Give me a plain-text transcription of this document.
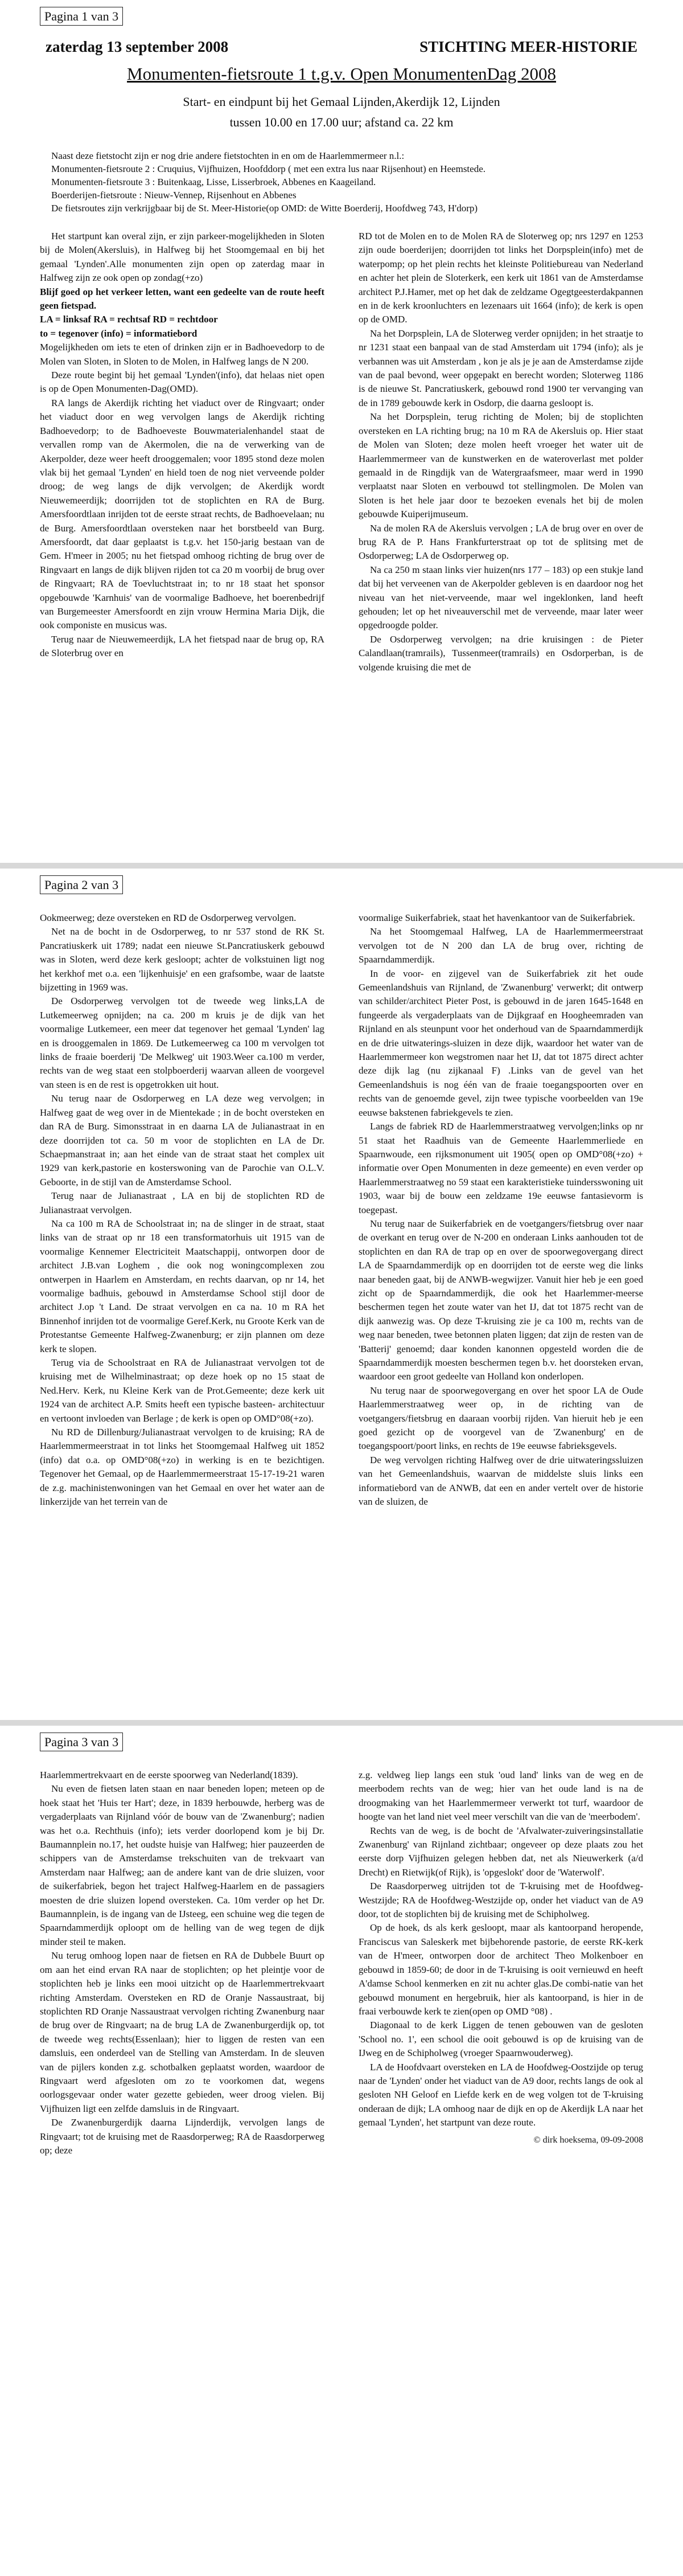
Pagina 1 van 3
zaterdag 13 september 2008	STICHTING MEER-HISTORIE
Monumenten-fietsroute 1 t.g.v. Open MonumentenDag 2008
Start- en eindpunt bij het Gemaal Lijnden,Akerdijk 12, Lijnden
tussen 10.00 en 17.00 uur; afstand ca. 22 km
Naast deze fietstocht zijn er nog drie andere fietstochten in en om de Haarlemmermeer n.l.:
Monumenten-fietsroute 2 : Cruquius, Vijfhuizen, Hoofddorp ( met een extra lus naar Rijsenhout) en Heemstede.
Monumenten-fietsroute 3 : Buitenkaag, Lisse, Lisserbroek, Abbenes en Kaageiland.
Boerderijen-fietsroute : Nieuw-Vennep, Rijsenhout en Abbenes
De fietsroutes zijn verkrijgbaar bij de St. Meer-Historie(op OMD: de Witte Boerderij, Hoofdweg 743, H'dorp)

Het startpunt kan overal zijn, er zijn parkeer-mogelijkheden in Sloten bij de Molen(Akersluis), in Halfweg bij het Stoomgemaal en bij het gemaal 'Lynden'.Alle monumenten zijn open op zaterdag maar in Halfweg zijn ze ook open op zondag(+zo)

Blijf goed op het verkeer letten, want een gedeelte van de route heeft geen fietspad.

LA = linksaf RA = rechtsaf RD = rechtdoor

to = tegenover (info) = informatiebord

Mogelijkheden om iets te eten of drinken zijn er in Badhoevedorp to de Molen van Sloten, in Sloten to de Molen, in Halfweg langs de N 200.

Deze route begint bij het gemaal 'Lynden'(info), dat helaas niet open is op de Open Monumenten-Dag(OMD).

RA langs de Akerdijk richting het viaduct over de Ringvaart; onder het viaduct door en weg vervolgen langs de Akerdijk richting Badhoevedorp; to de Badhoeveste Bouwmaterialenhandel staat de vervallen romp van de Akermolen, die na de verwerking van de Akerpolder, deze weer heeft drooggemalen; voor 1895 stond deze molen vlak bij het gemaal 'Lynden' en hield toen de nog niet verveende polder droog; de weg langs de dijk vervolgen; de Akerdijk wordt Nieuwemeerdijk; doorrijden tot de stoplichten en RA de Burg. Amersfoordtlaan inrijden tot de eerste straat rechts, de Badhoevelaan; nu de Burg. Amersfoordtlaan oversteken naar het borstbeeld van Burg. Amersfoordt, dat daar geplaatst is t.g.v. het 150-jarig bestaan van de Gem. H'meer in 2005; nu het fietspad omhoog richting de brug over de Ringvaart en langs de dijk blijven rijden tot ca 20 m voorbij de brug over de Ringvaart; RA de Toevluchtstraat in; to nr 18 staat het sponsor opgebouwde 'Karnhuis' van de voormalige Badhoeve, het boerenbedrijf van Burgemeester Amersfoordt en zijn vrouw Hermina Maria Dijk, die ook componiste en musicus was.

Terug naar de Nieuwemeerdijk, LA het fietspad naar de brug op, RA de Sloterbrug over en

RD tot de Molen en to de Molen RA de Sloterweg op; nrs 1297 en 1253 zijn oude boerderijen; doorrijden tot links het Dorpsplein(info) met de waterpomp; op het plein rechts het kleinste Politiebureau van Nederland en achter het plein de Sloterkerk, een kerk uit 1861 van de Amsterdamse architect P.J.Hamer, met op het dak de zeldzame Ogegtgeesterdakpannen en in de kerk kroonluchters en lezenaars uit 1664 (info); de kerk is open op de OMD.

Na het Dorpsplein, LA de Sloterweg verder opnijden; in het straatje to nr 1231 staat een banpaal van de stad Amsterdam uit 1794 (info); als je verbannen was uit Amsterdam , kon je als je je aan de Amsterdamse zijde van de paal bevond, weer opgepakt en berecht worden; Sloterweg 1186 is de nieuwe St. Pancratiuskerk, gebouwd rond 1900 ter vervanging van de in 1789 gebouwde kerk in Osdorp, die daarna gesloopt is.

Na het Dorpsplein, terug richting de Molen; bij de stoplichten oversteken en LA richting brug; na 10 m RA de Akersluis op. Hier staat de Molen van Sloten; deze molen heeft vroeger het water uit de Haarlemmermeer van de kunstwerken en de wateroverlast met polder gemaald in de Ringdijk van de Watergraafsmeer, maar werd in 1990 verplaatst naar Sloten en verbouwd tot stellingmolen. De Molen van Sloten is het hele jaar door te bezoeken evenals het bij de molen gebouwde Kuiperijmuseum.

Na de molen RA de Akersluis vervolgen ; LA de brug over en over de brug RA de P. Hans Frankfurterstraat op tot de splitsing met de Osdorperweg; LA de Osdorperweg op.

Na ca 250 m staan links vier huizen(nrs 177 – 183) op een stukje land dat bij het verveenen van de Akerpolder gebleven is en daardoor nog het niveau van het niet-verveende, maar wel ingeklonken, land heeft gehouden; let op het niveauverschil met de verveende, maar later weer opgedroogde polder.

De Osdorperweg vervolgen; na drie kruisingen : de Pieter Calandlaan(tramrails), Tussenmeer(tramrails) en Osdorperban, is de volgende kruising die met de

Pagina 2 van 3

Ookmeerweg; deze oversteken en RD de Osdorperweg vervolgen.

Net na de bocht in de Osdorperweg, to nr 537 stond de RK St. Pancratiuskerk uit 1789; nadat een nieuwe St.Pancratiuskerk gebouwd was in Sloten, werd deze kerk gesloopt; achter de volkstuinen ligt nog het kerkhof met o.a. een 'lijkenhuisje' en een grafsombe, waar de laatste bijzetting in 1969 was.

De Osdorperweg vervolgen tot de tweede weg links,LA de Lutkemeerweg opnijden; na ca. 200 m kruis je de dijk van het voormalige Lutkemeer, een meer dat tegenover het gemaal 'Lynden' lag en is drooggemalen in 1869. De Lutkemeerweg ca 100 m vervolgen tot links de fraaie boerderij 'De Melkweg' uit 1903.Weer ca.100 m verder, rechts van de weg staat een stolpboerderij waarvan alleen de voorgevel van steen is en de rest is opgetrokken uit hout.

Nu terug naar de Osdorperweg en LA deze weg vervolgen; in Halfweg gaat de weg over in de Mientekade ; in de bocht oversteken en dan RA de Burg. Simonsstraat in en daarna LA de Julianastraat in en deze doorrijden tot ca. 50 m voor de stoplichten en LA de Dr. Schaepmanstraat in; aan het einde van de straat staat het complex uit 1929 van kerk,pastorie en kosterswoning van de Parochie van O.L.V. Geboorte, in de stijl van de Amsterdamse School.

Terug naar de Julianastraat , LA en bij de stoplichten RD de Julianastraat vervolgen.

Na ca 100 m RA de Schoolstraat in; na de slinger in de straat, staat links van de straat op nr 18 een transformatorhuis uit 1915 van de voormalige Kennemer Electriciteit Maatschappij, ontworpen door de architect J.B.van Loghem , die ook nog woningcomplexen zou ontwerpen in Haarlem en Amsterdam, en rechts daarvan, op nr 14, het voormalige badhuis, gebouwd in Amsterdamse School stijl door de architect J.op 't Land. De straat vervolgen en ca na. 10 m RA het Binnenhof inrijden tot de voormalige Geref.Kerk, nu Groote Kerk van de Protestantse Gemeente Halfweg-Zwanenburg; er zijn plannen om deze kerk te slopen.

Terug via de Schoolstraat en RA de Julianastraat vervolgen tot de kruising met de Wilhelminastraat; op deze hoek op no 15 staat de Ned.Herv. Kerk, nu Kleine Kerk van de Prot.Gemeente; deze kerk uit 1924 van de architect A.P. Smits heeft een typische basteen- architectuur en vertoont invloeden van Berlage ; de kerk is open op OMD°08(+zo).

Nu RD de Dillenburg/Julianastraat vervolgen to de kruising; RA de Haarlemmermeerstraat in tot links het Stoomgemaal Halfweg uit 1852 (info) dat o.a. op OMD°08(+zo) in werking is en te bezichtigen. Tegenover het Gemaal, op de Haarlemmermeerstraat 15-17-19-21 waren de z.g. machinistenwoningen van het Gemaal en over het water aan de linkerzijde van het terrein van de

voormalige Suikerfabriek, staat het havenkantoor van de Suikerfabriek.

Na het Stoomgemaal Halfweg, LA de Haarlemmermeerstraat vervolgen tot de N 200 dan LA de brug over, richting de Spaarndammerdijk.

In de voor- en zijgevel van de Suikerfabriek zit het oude Gemeenlandshuis van Rijnland, de 'Zwanenburg' verwerkt; dit ontwerp van schilder/architect Pieter Post, is gebouwd in de jaren 1645-1648 en fungeerde als vergaderplaats van de Dijkgraaf en Hoogheemraden van Rijnland en als steunpunt voor het onderhoud van de Spaarndammerdijk en de drie uitwaterings-sluizen in deze dijk, waardoor het water van de Haarlemmermeer kon wegstromen naar het IJ, dat tot 1875 direct achter deze dijk lag (nu zijkanaal F) .Links van de gevel van het Gemeenlandshuis is nog één van de fraaie toegangspoorten over en rechts van de genoemde gevel, zijn twee typische voorbeelden van 19e eeuwse bakstenen fabriekgevels te zien.

Langs de fabriek RD de Haarlemmerstraatweg vervolgen;links op nr 51 staat het Raadhuis van de Gemeente Haarlemmerliede en Spaarnwoude, een rijksmonument uit 1905( open op OMD°08(+zo) + informatie over Open Monumenten in deze gemeente) en even verder op Haarlemmerstraatweg no 59 staat een karakteristieke tuindersswoning uit 1903, waar bij de bouw een zeldzame 19e eeuwse fantasievorm is toegepast.

Nu terug naar de Suikerfabriek en de voetgangers/fietsbrug over naar de overkant en terug over de N-200 en onderaan Links aanhouden tot de stoplichten en dan RA de trap op en over de spoorwegovergang direct LA de Spaarndammerdijk op en doorrijden tot de eerste weg die links naar beneden gaat, bij de ANWB-wegwijzer. Vanuit hier heb je een goed zicht op de Spaarndammerdijk, die ook het Haarlemmer-meerse beschermen tegen het zoute water van het IJ, dat tot 1875 recht van de dijk aanwezig was. Op deze T-kruising zie je ca 100 m, rechts van de weg naar beneden, twee betonnen platen liggen; dat zijn de resten van de 'Batterij' genoemd; daar konden kanonnen opgesteld worden die de Spaarndammerdijk moesten beschermen tegen b.v. het doorsteken ervan, waardoor een groot gedeelte van Holland kon onderlopen.

Nu terug naar de spoorwegovergang en over het spoor LA de Oude Haarlemmerstraatweg weer op, in de richting van de voetgangers/fietsbrug en daaraan voorbij rijden. Van hieruit heb je een goed gezicht op de voorgevel van de 'Zwanenburg' en de toegangspoort/poort links, en rechts de 19e eeuwse fabrieksgevels.

De weg vervolgen richting Halfweg over de drie uitwateringssluizen van het Gemeenlandshuis, waarvan de middelste sluis links een informatiebord van de ANWB, dat een en ander vertelt over de historie van de sluizen, de

Pagina 3 van 3

Haarlemmertrekvaart en de eerste spoorweg van Nederland(1839).

Nu even de fietsen laten staan en naar beneden lopen; meteen op de hoek staat het 'Huis ter Hart'; deze, in 1839 herbouwde, herberg was de vergaderplaats van Rijnland vóór de bouw van de 'Zwanenburg'; nadien was het o.a. Rechthuis (info); iets verder doorlopend kom je bij Dr. Baumannplein no.17, het oudste huisje van Halfweg; hier pauzeerden de schippers van de Amsterdamse trekschuiten van de trekvaart van Amsterdam naar Halfweg; aan de andere kant van de drie sluizen, voor de suikerfabriek, begon het traject Halfweg-Haarlem en de passagiers moesten de drie sluizen lopend oversteken. Ca. 10m verder op het Dr. Baumannplein, is de ingang van de IJsteeg, een schuine weg die tegen de Spaarndammerdijk oploopt om de helling van de weg tegen de dijk minder steil te maken.

Nu terug omhoog lopen naar de fietsen en RA de Dubbele Buurt op om aan het eind ervan RA naar de stoplichten; op het pleintje voor de stoplichten heb je links een mooi uitzicht op de Haarlemmertrekvaart richting Amsterdam. Oversteken en RD de Oranje Nassaustraat, bij stoplichten RD Oranje Nassaustraat vervolgen richting Zwanenburg naar de brug over de Ringvaart; na de brug LA de Zwanenburgerdijk op, tot de tweede weg rechts(Essenlaan); hier to liggen de resten van een damsluis, een onderdeel van de Stelling van Amsterdam. In de sleuven van de pijlers konden z.g. schotbalken geplaatst worden, waardoor de Ringvaart werd afgesloten om zo te voorkomen dat, wegens oorlogsgevaar onder water gezette gebieden, weer droog vielen. Bij Vijfhuizen ligt een zelfde damsluis in de Ringvaart.

De Zwanenburgerdijk daarna Lijnderdijk, vervolgen langs de Ringvaart; tot de kruising met de Raasdorperweg; RA de Raasdorperweg op; deze

z.g. veldweg liep langs een stuk 'oud land' links van de weg en de meerbodem rechts van de weg; hier van het oude land is na de droogmaking van het Haarlemmermeer verwerkt tot turf, waardoor de hoogte van het land niet veel meer verschilt van die van de 'meerbodem'.

Rechts van de weg, is de bocht de 'Afvalwater-zuiveringsinstallatie Zwanenburg' van Rijnland zichtbaar; ongeveer op deze plaats zou het eerste dorp Vijfhuizen gelegen hebben dat, net als Nieuwerkerk (a/d Drecht) en Rietwijk(of Rijk), is 'opgeslokt' door de 'Waterwolf'.

De Raasdorperweg uitrijden tot de T-kruising met de Hoofdweg-Westzijde; RA de Hoofdweg-Westzijde op, onder het viaduct van de A9 door, tot de stoplichten bij de kruising met de Schipholweg.

Op de hoek, ds als kerk gesloopt, maar als kantoorpand heropende, Franciscus van Saleskerk met bijbehorende pastorie, de eerste RK-kerk van de H'meer, ontworpen door de architect Theo Molkenboer en gebouwd in 1859-60; de door in de T-kruising is ooit vernieuwd en heeft A'damse School kenmerken en zit nu achter glas.De combi-natie van het gebouwd monument en hergebruik, hier als kantoorpand, is hier in de fraai verbouwde kerk te zien(open op OMD °08) .

Diagonaal to de kerk Liggen de tenen gebouwen van de gesloten 'School no. 1', een school die ooit gebouwd is op de kruising van de IJweg en de Schipholweg (vroeger Spaarnwouderweg).

LA de Hoofdvaart oversteken en LA de Hoofdweg-Oostzijde op terug naar de 'Lynden' onder het viaduct van de A9 door, rechts langs de ook al gesloten NH Geloof en Liefde kerk en de weg volgen tot de T-kruising onderaan de dijk; LA omhoog naar de dijk en op de Akerdijk LA naar het gemaal 'Lynden', het startpunt van deze route.

© dirk hoeksema, 09-09-2008
